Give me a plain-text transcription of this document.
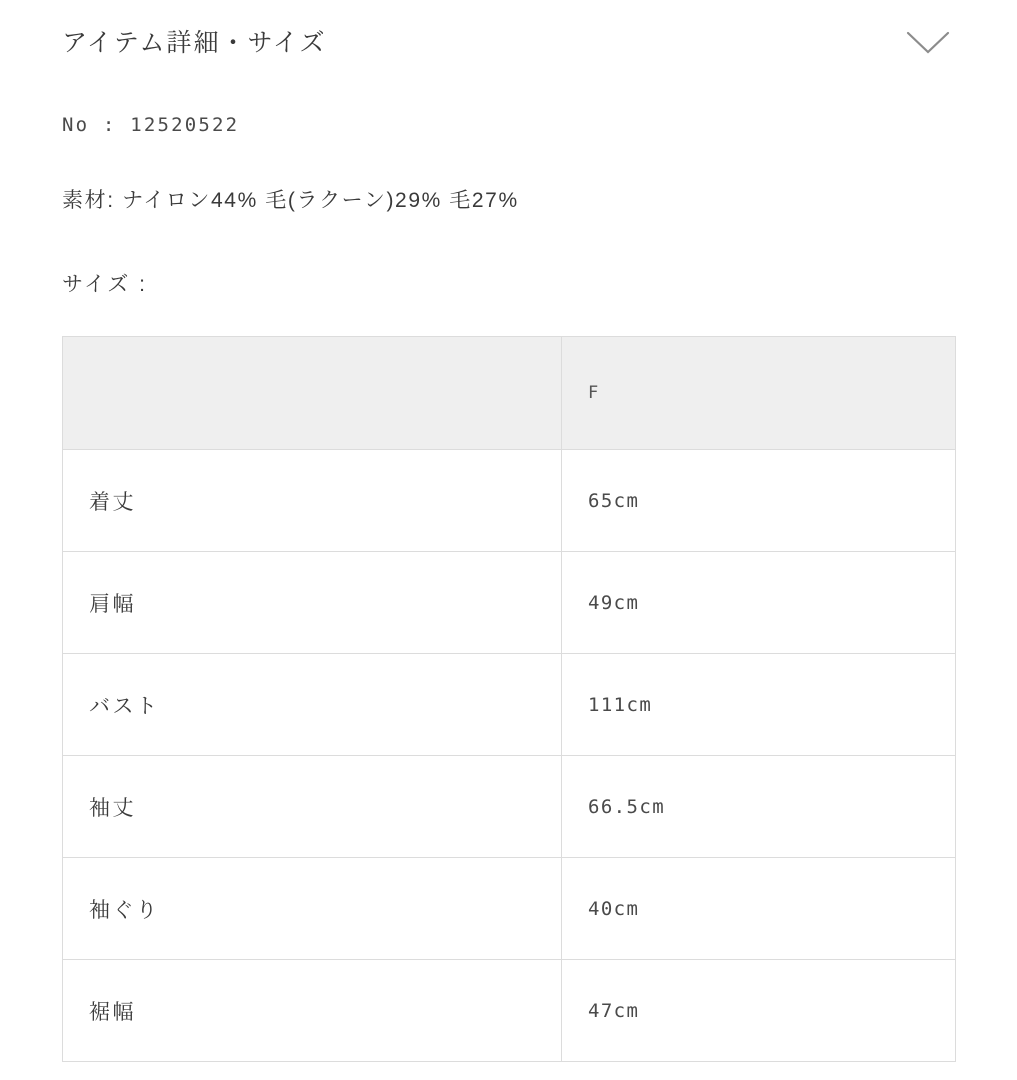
アイテム詳細・サイズ
No : 12520522
素材: ナイロン44% 毛(ラクーン)29% 毛27%
サイズ :
	F
着丈	65cm
肩幅	49cm
バスト	111cm
袖丈	66.5cm
袖ぐり	40cm
裾幅	47cm
